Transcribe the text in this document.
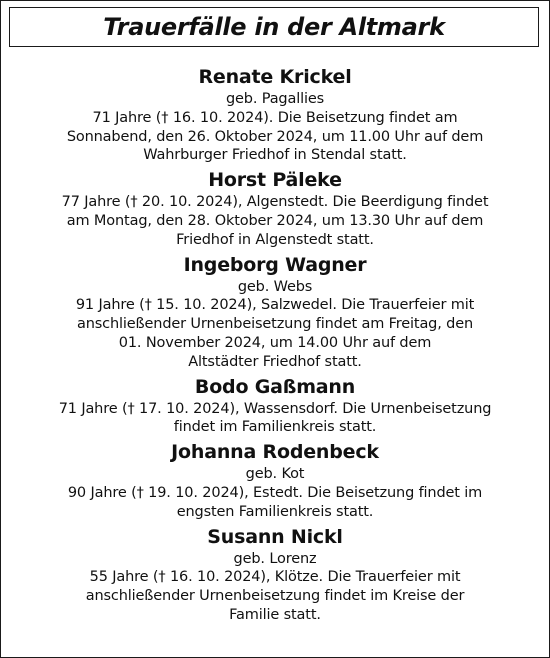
Trauerfälle in der Altmark
Renate Krickel
geb. Pagallies
71 Jahre († 16. 10. 2024). Die Beisetzung findet am
Sonnabend, den 26. Oktober 2024, um 11.00 Uhr auf dem
Wahrburger Friedhof in Stendal statt.
Horst Päleke
77 Jahre († 20. 10. 2024), Algenstedt. Die Beerdigung findet
am Montag, den 28. Oktober 2024, um 13.30 Uhr auf dem
Friedhof in Algenstedt statt.
Ingeborg Wagner
geb. Webs
91 Jahre († 15. 10. 2024), Salzwedel. Die Trauerfeier mit
anschließender Urnenbeisetzung findet am Freitag, den
01. November 2024, um 14.00 Uhr auf dem
Altstädter Friedhof statt.
Bodo Gaßmann
71 Jahre († 17. 10. 2024), Wassensdorf. Die Urnenbeisetzung
findet im Familienkreis statt.
Johanna Rodenbeck
geb. Kot
90 Jahre († 19. 10. 2024), Estedt. Die Beisetzung findet im
engsten Familienkreis statt.
Susann Nickl
geb. Lorenz
55 Jahre († 16. 10. 2024), Klötze. Die Trauerfeier mit
anschließender Urnenbeisetzung findet im Kreise der
Familie statt.
